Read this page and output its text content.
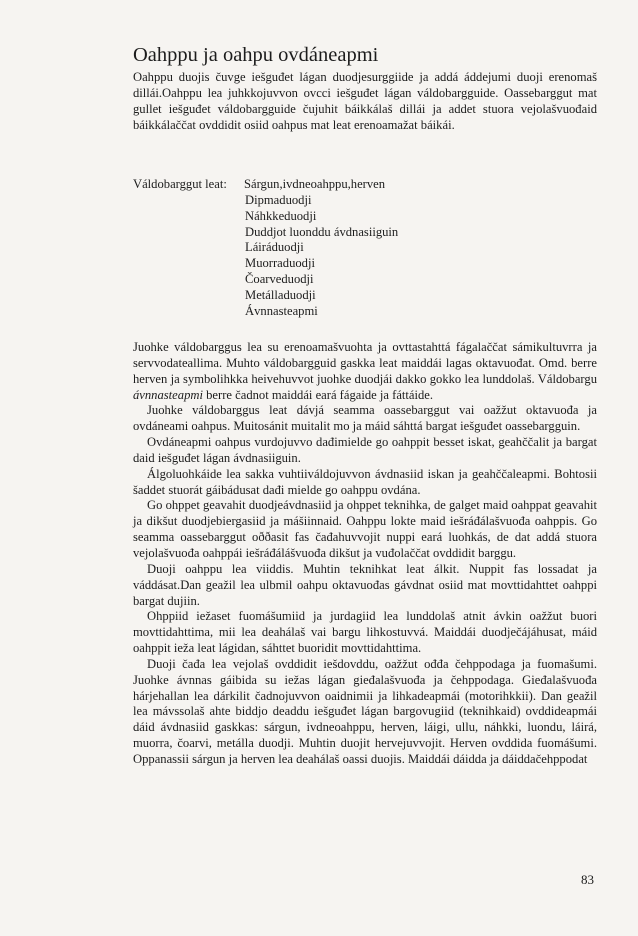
Oahppu ja oahpu ovdáneapmi

Oahppu duojis čuvge iešguđet lágan duodjesurggiide ja addá áddejumi duoji erenomaš dillái.Oahppu lea juhkkojuvvon ovcci iešguđet lágan váldobargguide. Oassebarggut mat gullet iešguđet váldobargguide čujuhit báikkálaš dillái ja addet stuora vejolašvuođaid báikkálaččat ovddidit osiid oahpus mat leat erenoamažat báikái.

Váldobarggut leat: Sárgun,ivdneoahppu,herven
Dipmaduodji
Náhkkeduodji
Duddjot luonddu ávdnasiiguin
Láiráduodji
Muorraduodji
Čoarveduodji
Metálladuodji
Ávnnasteapmi

Juohke váldobarggus lea su erenoamašvuohta ja ovttastahttá fágalaččat sámikultuvrra ja servvodateallima. Muhto váldobargguid gaskka leat maiddái lagas oktavuođat. Omd. berre herven ja symbolihkka heivehuvvot juohke duodjái dakko gokko lea lunddolaš. Váldobargu ávnnasteapmi berre čadnot maiddái eará fágaide ja fáttáide.

Juohke váldobarggus leat dávjá seamma oassebarggut vai oažžut oktavuođa ja ovdáneami oahpus. Muitosánit muitalit mo ja máid sáhttá bargat iešguđet oassebargguin.

Ovdáneapmi oahpus vurdojuvvo dađimielde go oahppit besset iskat, geahččalit ja bargat daid iešguđet lágan ávdnasiiguin.

Álgoluohkáide lea sakka vuhtiiváldojuvvon ávdnasiid iskan ja geahččaleapmi. Bohtosii šaddet stuorát gáibádusat dađi mielde go oahppu ovdána.

Go ohppet geavahit duodjeávdnasiid ja ohppet teknihka, de galget maid oahppat geavahit ja dikšut duodjebiergasiid ja mášiinnaid. Oahppu lokte maid iešráđálašvuođa oahppis. Go seamma oassebarggut oððasit fas čađahuvvojit nuppi eará luohkás, de dat addá stuora vejolašvuođa oahppái iešráđálášvuođa dikšut ja vuđolaččat ovddidit barggu.

Duoji oahppu lea viiddis. Muhtin teknihkat leat álkit. Nuppit fas lossadat ja váddásat.Dan geažil lea ulbmil oahpu oktavuođas gávdnat osiid mat movttidahttet oahppi bargat dujiin.

Ohppiid iežaset fuomášumiid ja jurdagiid lea lunddolaš atnit ávkin oažžut buori movttidahttima, mii lea deahálaš vai bargu lihkostuvvá. Maiddái duodječájáhusat, máid oahppit ieža leat lágidan, sáhttet buoridit movttidahttima.

Duoji čađa lea vejolaš ovddidit iešdovddu, oažžut ođđa čehppodaga ja fuomašumi. Juohke ávnnas gáibida su iežas lágan gieđalašvuođa ja čehppodaga. Gieđalašvuođa hárjehallan lea dárkilit čadnojuvvon oaidnimii ja lihkadeapmái (motorihkkii). Dan geažil lea mávssolaš ahte biddjo deaddu iešguđet lágan bargovugiid (teknihkaid) ovddideapmái dáid ávdnasiid gaskkas: sárgun, ivdneoahppu, herven, láigi, ullu, náhkki, luondu, láirá, muorra, čoarvi, metálla duodji. Muhtin duojit hervejuvvojit. Herven ovddida fuomášumi. Oppanassii sárgun ja herven lea deahálaš oassi duojis. Maiddái dáidda ja dáiddačehppodat

83
